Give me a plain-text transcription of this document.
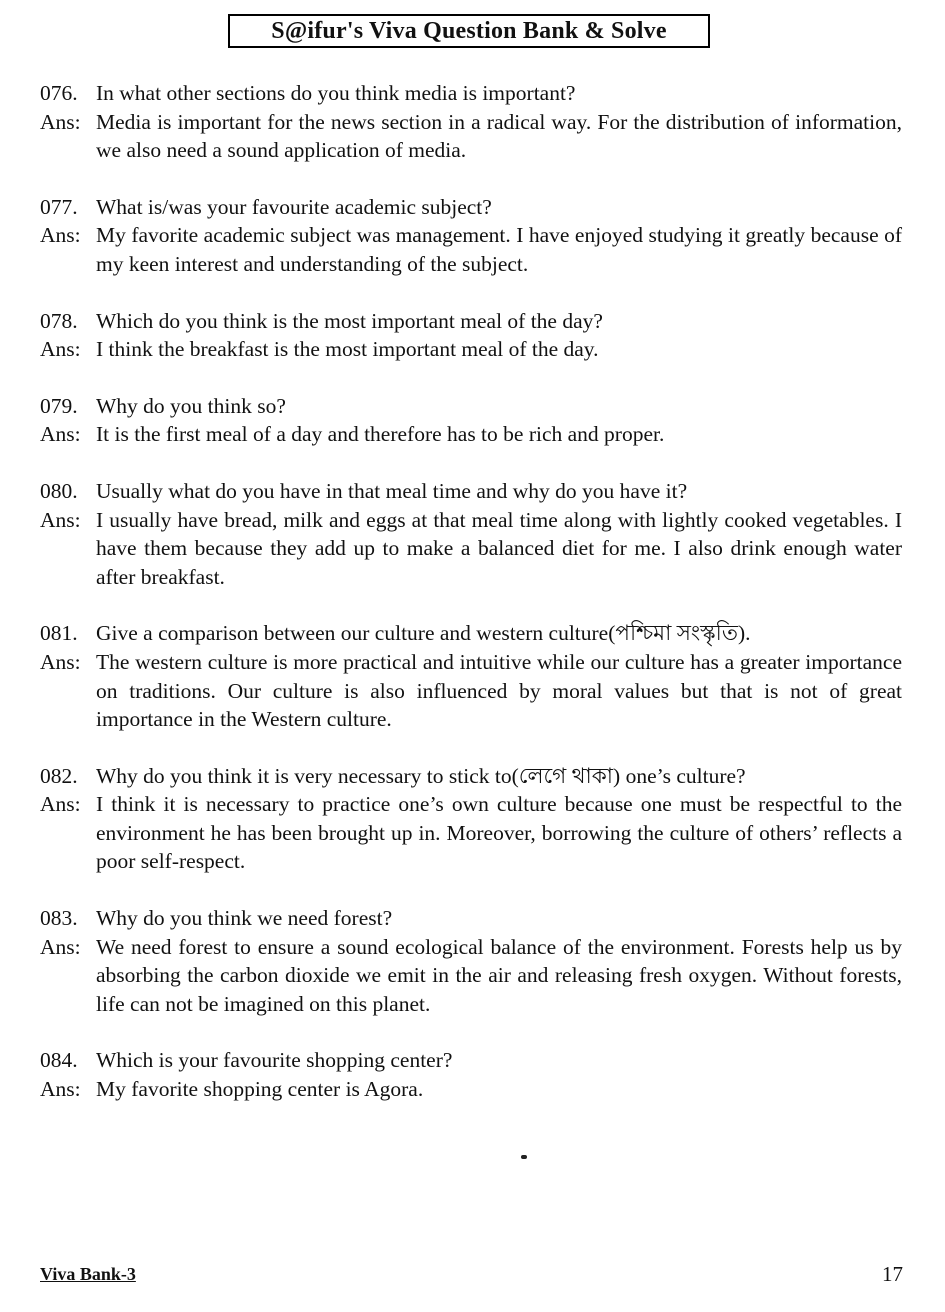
S@ifur's Viva Question Bank & Solve
076. In what other sections do you think media is important?
Ans: Media is important for the news section in a radical way. For the distribution of information, we also need a sound application of media.
077. What is/was your favourite academic subject?
Ans: My favorite academic subject was management. I have enjoyed studying it greatly because of my keen interest and understanding of the subject.
078. Which do you think is the most important meal of the day?
Ans: I think the breakfast is the most important meal of the day.
079. Why do you think so?
Ans: It is the first meal of a day and therefore has to be rich and proper.
080. Usually what do you have in that meal time and why do you have it?
Ans: I usually have bread, milk and eggs at that meal time along with lightly cooked vegetables. I have them because they add up to make a balanced diet for me. I also drink enough water after breakfast.
081. Give a comparison between our culture and western culture(পশ্চিমা সংস্কৃতি).
Ans: The western culture is more practical and intuitive while our culture has a greater importance on traditions. Our culture is also influenced by moral values but that is not of great importance in the Western culture.
082. Why do you think it is very necessary to stick to(লেগে থাকা) one’s culture?
Ans: I think it is necessary to practice one’s own culture because one must be respectful to the environment he has been brought up in. Moreover, borrowing the culture of others’ reflects a poor self-respect.
083. Why do you think we need forest?
Ans: We need forest to ensure a sound ecological balance of the environment. Forests help us by absorbing the carbon dioxide we emit in the air and releasing fresh oxygen. Without forests, life can not be imagined on this planet.
084. Which is your favourite shopping center?
Ans: My favorite shopping center is Agora.
Viva Bank-3	17
